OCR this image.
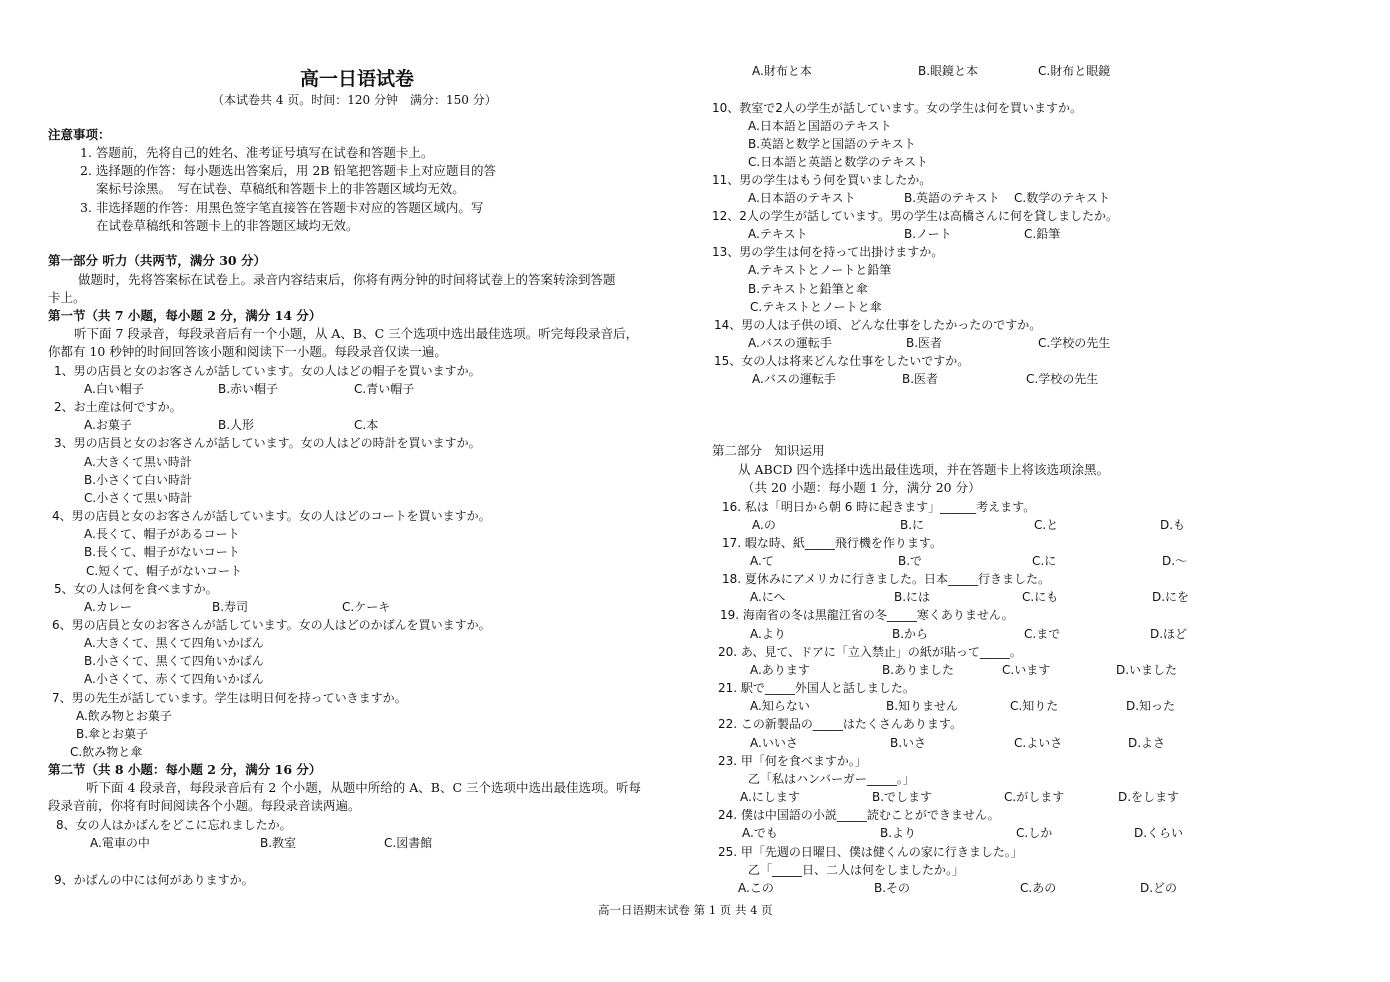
高一日语试卷
（本试卷共 4 页。时间：120 分钟　满分：150 分）
注意事项：
1. 答题前，先将自己的姓名、准考证号填写在试卷和答题卡上。
2. 选择题的作答：每小题选出答案后，用 2B 铅笔把答题卡上对应题目的答
案标号涂黑。　写在试卷、草稿纸和答题卡上的非答题区域均无效。
3. 非选择题的作答：用黑色签字笔直接答在答题卡对应的答题区域内。写
在试卷草稿纸和答题卡上的非答题区域均无效。
第一部分 听力（共两节，满分 30 分）
做题时，先将答案标在试卷上。录音内容结束后，你将有两分钟的时间将试卷上的答案转涂到答题
卡上。
第一节（共 7 小题，每小题 2 分，满分 14 分）
听下面 7 段录音，每段录音后有一个小题，从 A、B、C 三个选项中选出最佳选项。听完每段录音后，
你都有 10 秒钟的时间回答该小题和阅读下一小题。每段录音仅读一遍。
1、男の店員と女のお客さんが話しています。女の人はどの帽子を買いますか。
A.白い帽子	B.赤い帽子	C.青い帽子
2、お土産は何ですか。
A.お菓子	B.人形	C.本
3、男の店員と女のお客さんが話しています。女の人はどの時計を買いますか。
A.大きくて黒い時計
B.小さくて白い時計
C.小さくて黒い時計
4、男の店員と女のお客さんが話しています。女の人はどのコートを買いますか。
A.長くて、帽子があるコート
B.長くて、帽子がないコート
C.短くて、帽子がないコート
5、女の人は何を食べますか。
A.カレー	B.寿司	C.ケーキ
6、男の店員と女のお客さんが話しています。女の人はどのかばんを買いますか。
A.大きくて、黒くて四角いかばん
B.小さくて、黒くて四角いかばん
A.小さくて、赤くて四角いかばん
7、男の先生が話しています。学生は明日何を持っていきますか。
A.飲み物とお菓子
B.傘とお菓子
C.飲み物と傘
第二节（共 8 小题：每小题 2 分，满分 16 分）
听下面 4 段录音，每段录音后有 2 个小题，从题中所给的 A、B、C 三个选项中选出最佳选项。听每
段录音前，你将有时间阅读各个小题。每段录音读两遍。
8、女の人はかばんをどこに忘れましたか。
A.電車の中	B.教室	C.図書館
9、かばんの中には何がありますか。
A.財布と本	B.眼鏡と本	C.財布と眼鏡
10、教室で2人の学生が話しています。女の学生は何を買いますか。
A.日本語と国語のテキスト
B.英語と数学と国語のテキスト
C.日本語と英語と数学のテキスト
11、男の学生はもう何を買いましたか。
A.日本語のテキスト	B.英語のテキスト C.数学のテキスト
12、2人の学生が話しています。男の学生は高橋さんに何を貸しましたか。
A.テキスト	B.ノート	C.鉛筆
13、男の学生は何を持って出掛けますか。
A.テキストとノートと鉛筆
B.テキストと鉛筆と傘
C.テキストとノートと傘
14、男の人は子供の頃、どんな仕事をしたかったのですか。
A.バスの運転手	B.医者	C.学校の先生
15、女の人は将来どんな仕事をしたいですか。
A.バスの運転手	B.医者	C.学校の先生
第二部分　知识运用
从 ABCD 四个选择中选出最佳选项，并在答题卡上将该选项涂黑。
（共 20 小题：每小题 1 分，满分 20 分）
16. 私は「明日から朝 6 時に起きます」______考えます。
A.の	B.に	C.と	D.も
17. 暇な時、紙_____飛行機を作ります。
A.て	B.で	C.に	D.～
18. 夏休みにアメリカに行きました。日本_____行きました。
A.にへ	B.には	C.にも	D.にを
19. 海南省の冬は黒龍江省の冬_____寒くありません。
A.より	B.から	C.まで	D.ほど
20. あ、見て、ドアに「立入禁止」の紙が貼って_____。
A.あります	B.ありました	C.います	D.いました
21. 駅で_____外国人と話しました。
A.知らない	B.知りません	C.知りた	D.知った
22. この新製品の_____はたくさんあります。
A.いいさ	B.いさ	C.よいさ	D.よさ
23. 甲「何を食べますか。」
乙「私はハンバーガー_____。」
A.にします	B.でします	C.がします	D.をします
24. 僕は中国語の小説_____読むことができません。
A.でも	B.より	C.しか	D.くらい
25. 甲「先週の日曜日、僕は健くんの家に行きました。」
乙「_____日、二人は何をしましたか。」
A.この	B.その	C.あの	D.どの
高一日语期末试卷 第 1 页 共 4 页
